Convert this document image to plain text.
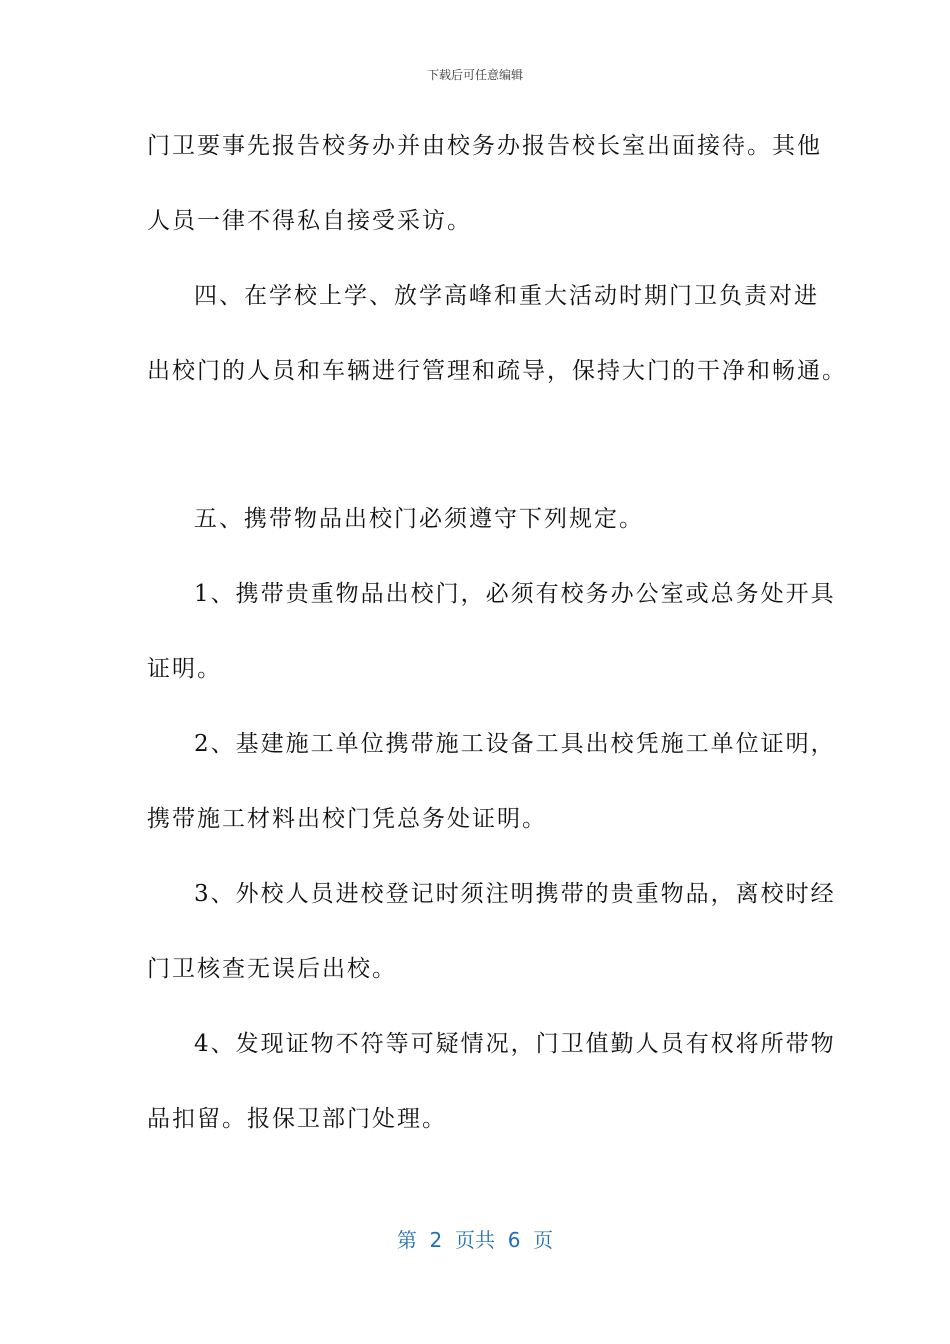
下载后可任意编辑
门卫要事先报告校务办并由校务办报告校长室出面接待。其他
人员一律不得私自接受采访。
四、在学校上学、放学高峰和重大活动时期门卫负责对进
出校门的人员和车辆进行管理和疏导，保持大门的干净和畅通。
五、携带物品出校门必须遵守下列规定。
1、携带贵重物品出校门，必须有校务办公室或总务处开具
证明。
2、基建施工单位携带施工设备工具出校凭施工单位证明，
携带施工材料出校门凭总务处证明。
3、外校人员进校登记时须注明携带的贵重物品，离校时经
门卫核查无误后出校。
4、发现证物不符等可疑情况，门卫值勤人员有权将所带物
品扣留。报保卫部门处理。
第  2  页共  6  页
